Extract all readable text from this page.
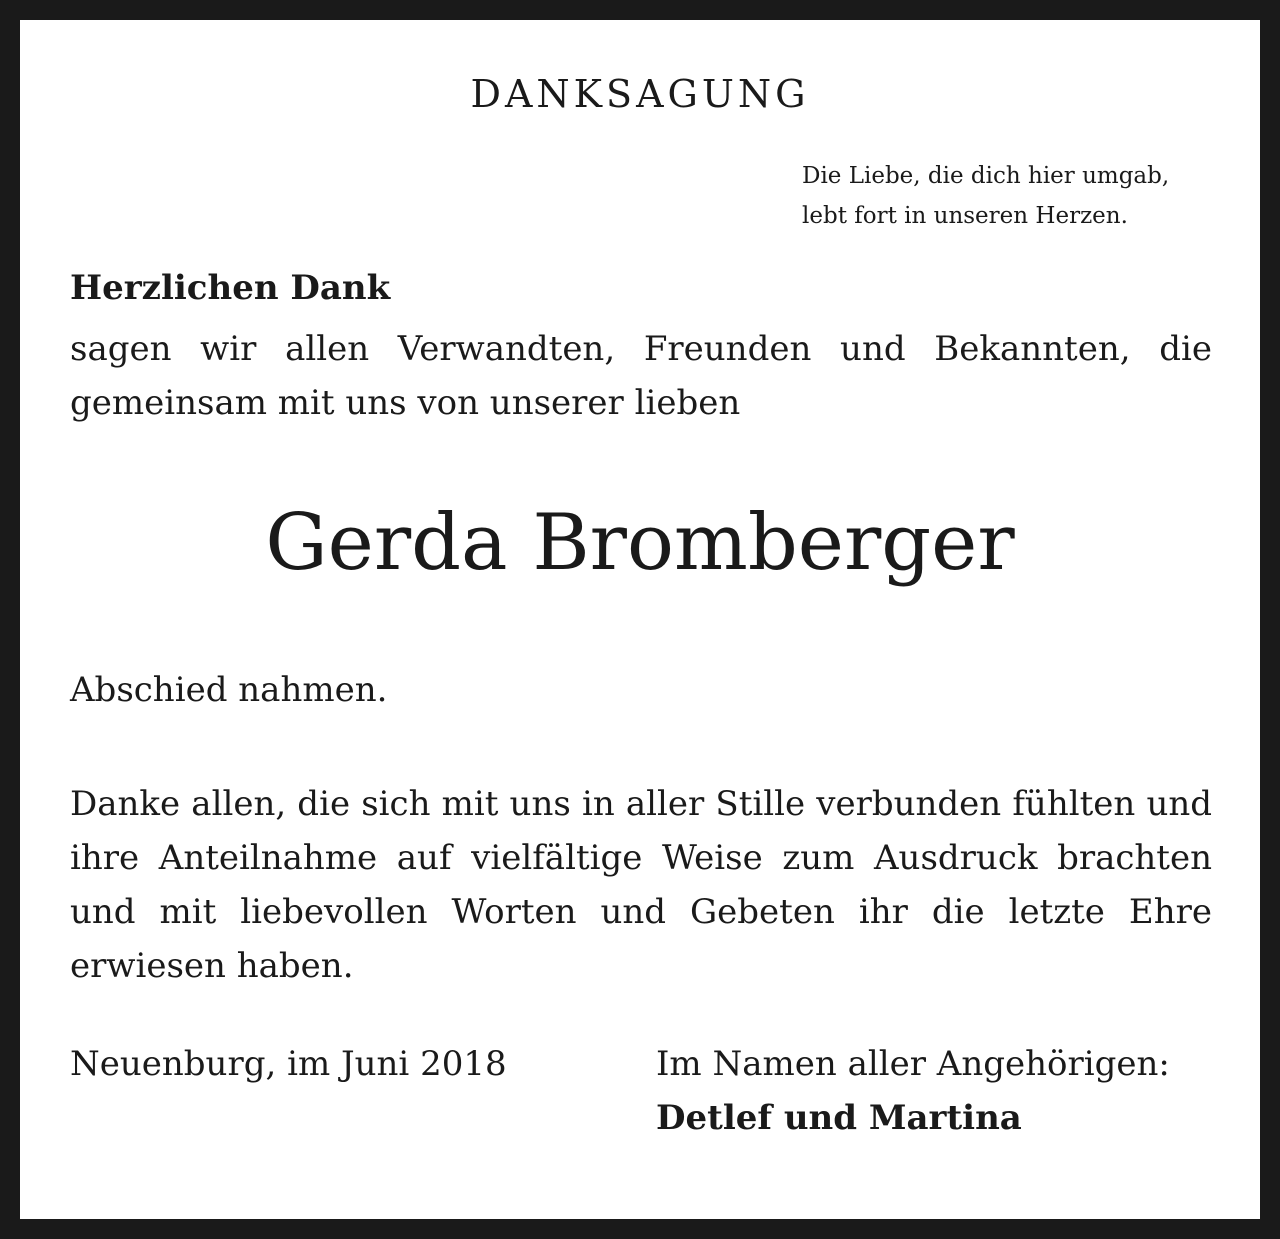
DANKSAGUNG
Die Liebe, die dich hier umgab,
lebt fort in unseren Herzen.
Herzlichen Dank
sagen wir allen Verwandten, Freunden und Bekannten, die gemeinsam mit uns von unserer lieben
Gerda Bromberger
Abschied nahmen.
Danke allen, die sich mit uns in aller Stille verbunden fühlten und ihre Anteilnahme auf vielfältige Weise zum Ausdruck brachten und mit liebevollen Worten und Gebeten ihr die letzte Ehre erwiesen haben.
Neuenburg, im Juni 2018	Im Namen aller Angehörigen:
Detlef und Martina
